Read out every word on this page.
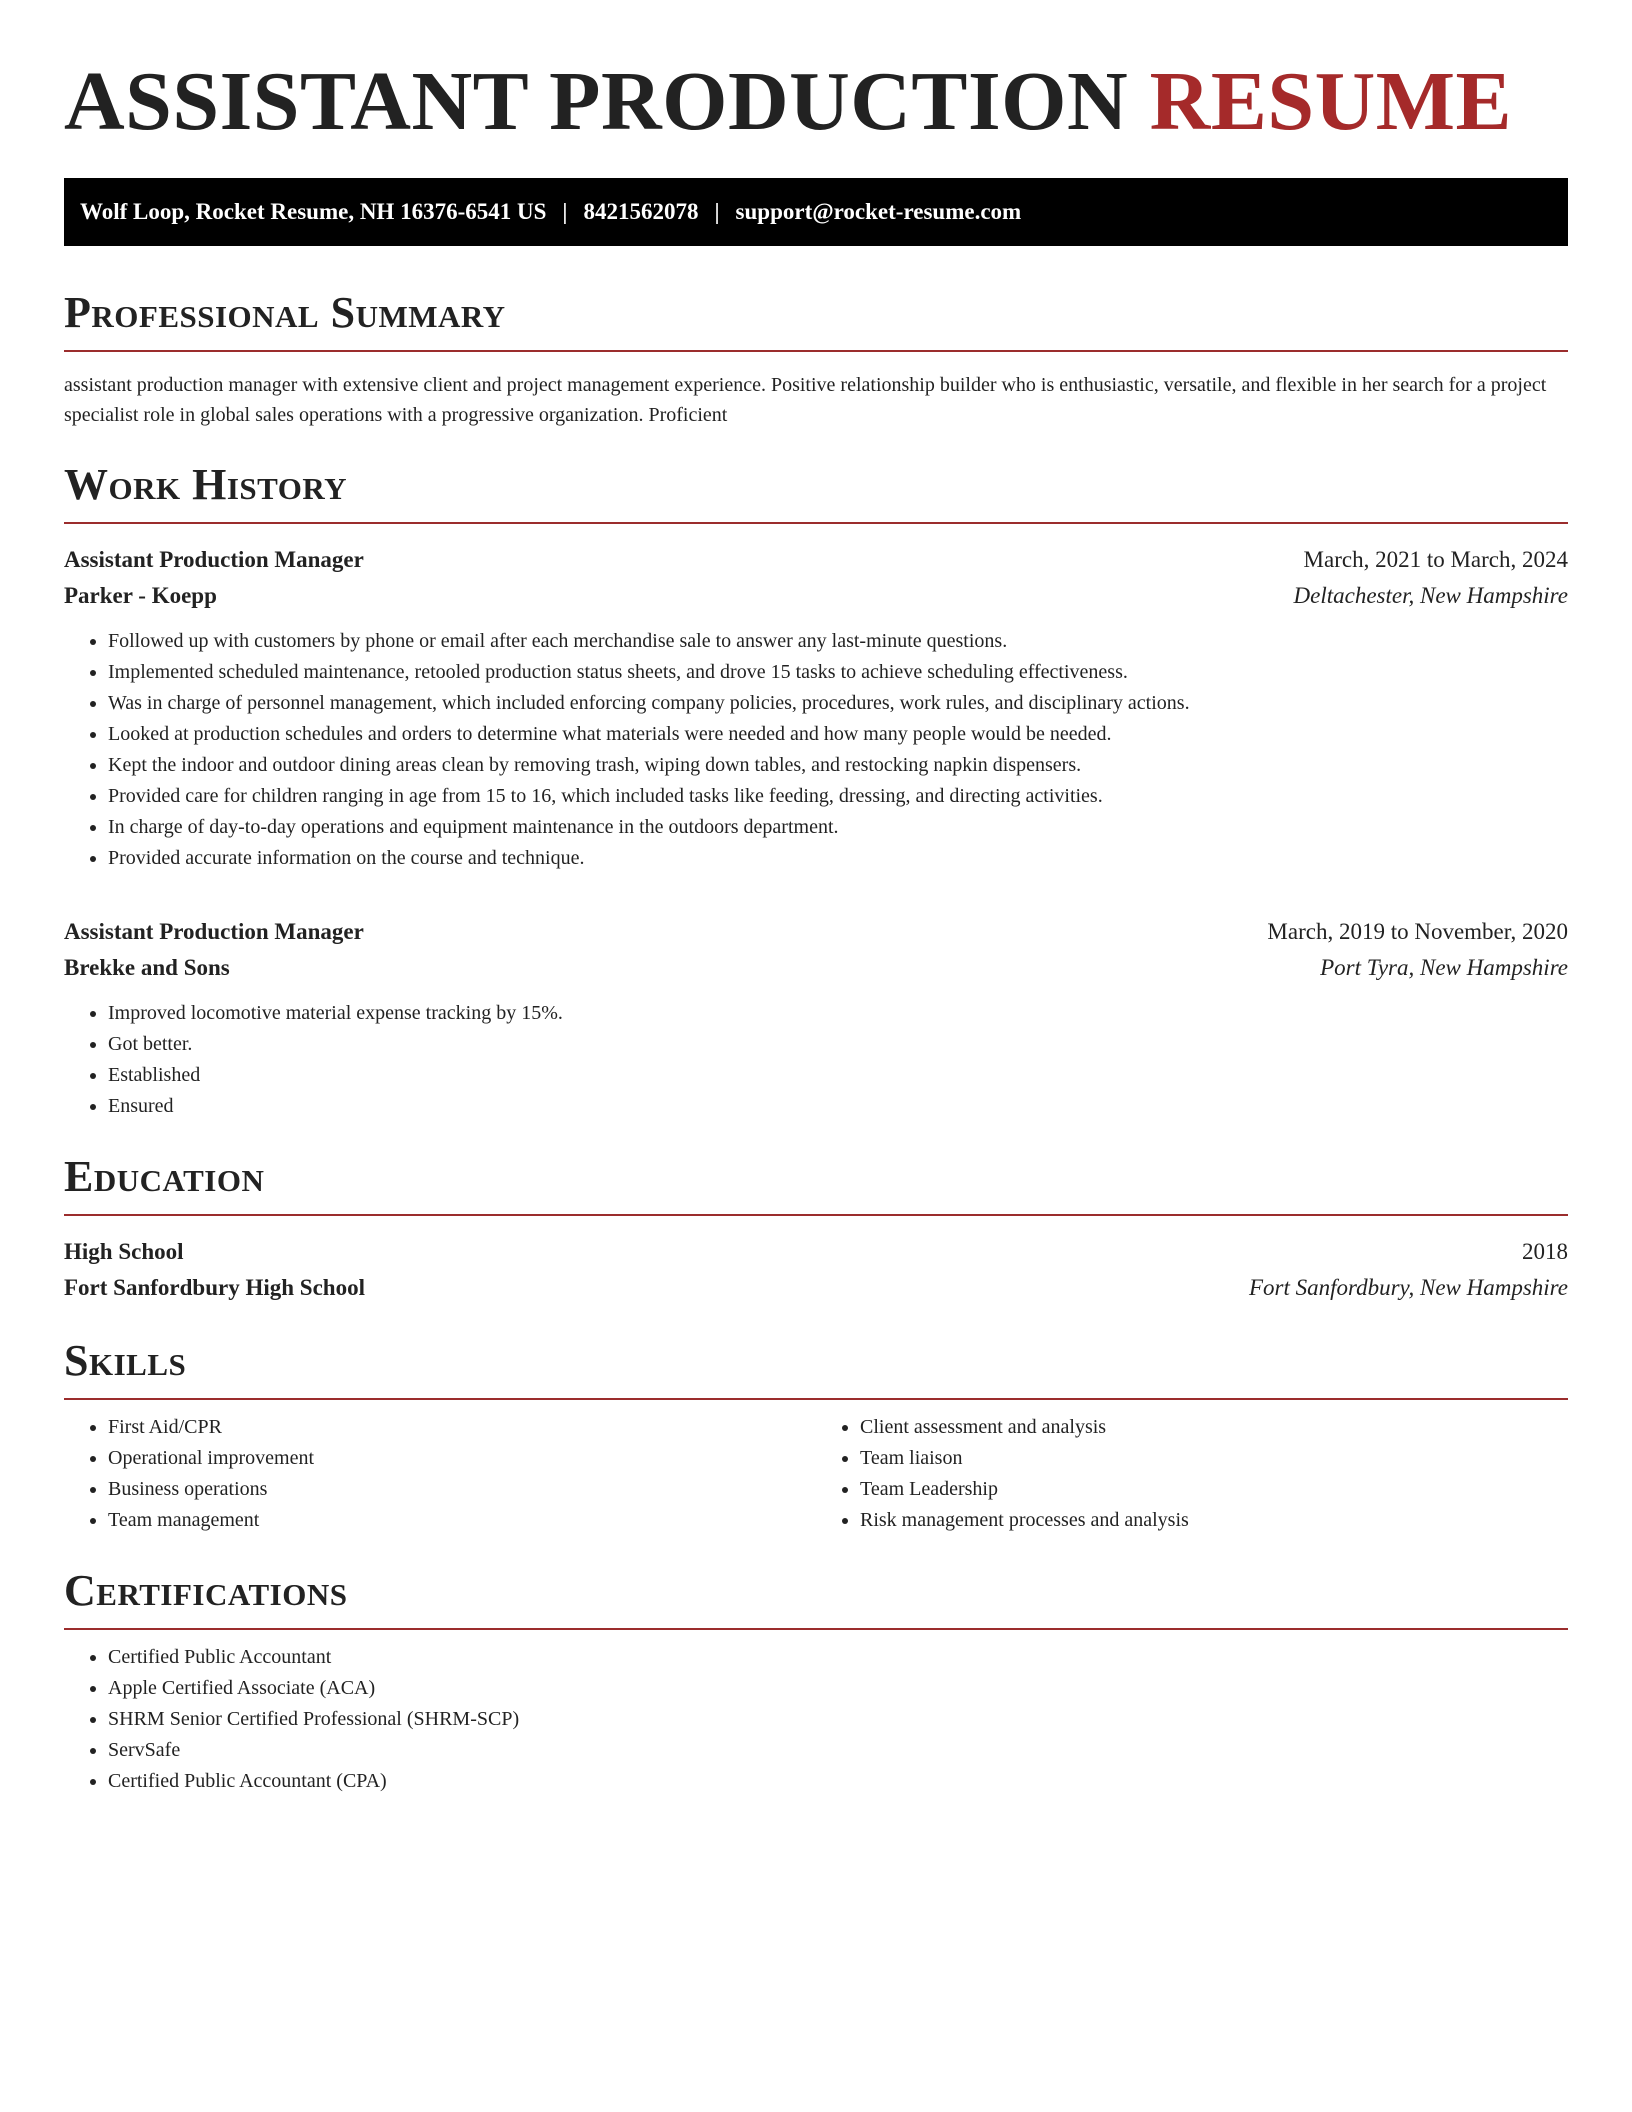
ASSISTANT PRODUCTION RESUME
Wolf Loop, Rocket Resume, NH 16376-6541 US | 8421562078 | support@rocket-resume.com
Professional Summary

assistant production manager with extensive client and project management experience. Positive relationship builder who is enthusiastic, versatile, and flexible in her search for a project specialist role in global sales operations with a progressive organization. Proficient

Work History
Assistant Production Manager	March, 2021 to March, 2024
Parker - Koepp	Deltachester, New Hampshire
• Followed up with customers by phone or email after each merchandise sale to answer any last-minute questions.
• Implemented scheduled maintenance, retooled production status sheets, and drove 15 tasks to achieve scheduling effectiveness.
• Was in charge of personnel management, which included enforcing company policies, procedures, work rules, and disciplinary actions.
• Looked at production schedules and orders to determine what materials were needed and how many people would be needed.
• Kept the indoor and outdoor dining areas clean by removing trash, wiping down tables, and restocking napkin dispensers.
• Provided care for children ranging in age from 15 to 16, which included tasks like feeding, dressing, and directing activities.
• In charge of day-to-day operations and equipment maintenance in the outdoors department.
• Provided accurate information on the course and technique.
Assistant Production Manager	March, 2019 to November, 2020
Brekke and Sons	Port Tyra, New Hampshire
• Improved locomotive material expense tracking by 15%.
• Got better.
• Established
• Ensured
Education
High School	2018
Fort Sanfordbury High School	Fort Sanfordbury, New Hampshire
Skills
• First Aid/CPR
• Operational improvement
• Business operations
• Team management
• Client assessment and analysis
• Team liaison
• Team Leadership
• Risk management processes and analysis
Certifications
• Certified Public Accountant
• Apple Certified Associate (ACA)
• SHRM Senior Certified Professional (SHRM-SCP)
• ServSafe
• Certified Public Accountant (CPA)
